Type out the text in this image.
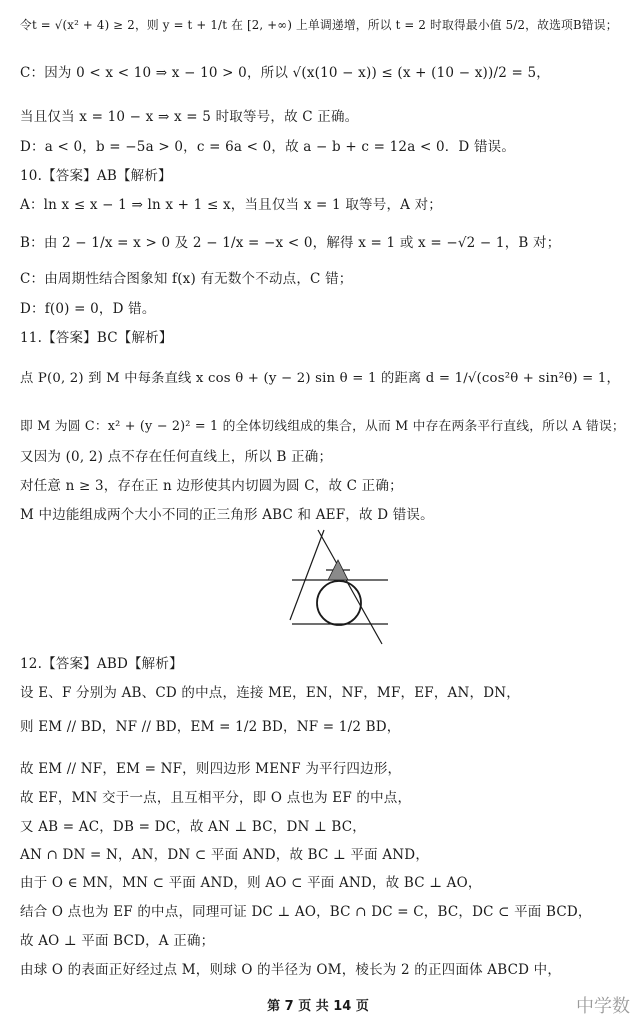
令t = √(x² + 4) ≥ 2，则 y = t + 1/t 在 [2, +∞) 上单调递增，所以 t = 2 时取得最小值 5/2，故选项B错误；
C：因为 0 < x < 10 ⇒ x − 10 > 0，所以 √(x(10 − x)) ≤ (x + (10 − x))/2 = 5，
当且仅当 x = 10 − x ⇒ x = 5 时取等号，故 C 正确。
D：a < 0，b = −5a > 0，c = 6a < 0，故 a − b + c = 12a < 0．D 错误。
10.【答案】AB【解析】
A：ln x ≤ x − 1 ⇒ ln x + 1 ≤ x，当且仅当 x = 1 取等号，A 对；
B：由 2 − 1/x = x > 0 及 2 − 1/x = −x < 0，解得 x = 1 或 x = −√2 − 1，B 对；
C：由周期性结合图象知 f(x) 有无数个不动点，C 错；
D：f(0) = 0，D 错。
11.【答案】BC【解析】
点 P(0, 2) 到 M 中每条直线 x cos θ + (y − 2) sin θ = 1 的距离 d = 1/√(cos²θ + sin²θ) = 1，
即 M 为圆 C：x² + (y − 2)² = 1 的全体切线组成的集合，从而 M 中存在两条平行直线，所以 A 错误；
又因为 (0, 2) 点不存在任何直线上，所以 B 正确；
对任意 n ≥ 3，存在正 n 边形使其内切圆为圆 C，故 C 正确；
M 中边能组成两个大小不同的正三角形 ABC 和 AEF，故 D 错误。
12.【答案】ABD【解析】
设 E、F 分别为 AB、CD 的中点，连接 ME，EN，NF，MF，EF，AN，DN，
则 EM // BD，NF // BD，EM = 1/2 BD，NF = 1/2 BD，
故 EM // NF，EM = NF，则四边形 MENF 为平行四边形，
故 EF，MN 交于一点，且互相平分，即 O 点也为 EF 的中点，
又 AB = AC，DB = DC，故 AN ⊥ BC，DN ⊥ BC，
AN ∩ DN = N，AN，DN ⊂ 平面 AND，故 BC ⊥ 平面 AND，
由于 O ∈ MN，MN ⊂ 平面 AND，则 AO ⊂ 平面 AND，故 BC ⊥ AO，
结合 O 点也为 EF 的中点，同理可证 DC ⊥ AO，BC ∩ DC = C，BC，DC ⊂ 平面 BCD，
故 AO ⊥ 平面 BCD，A 正确；
由球 O 的表面正好经过点 M，则球 O 的半径为 OM，棱长为 2 的正四面体 ABCD 中，
第 7 页 共 14 页	中学数
